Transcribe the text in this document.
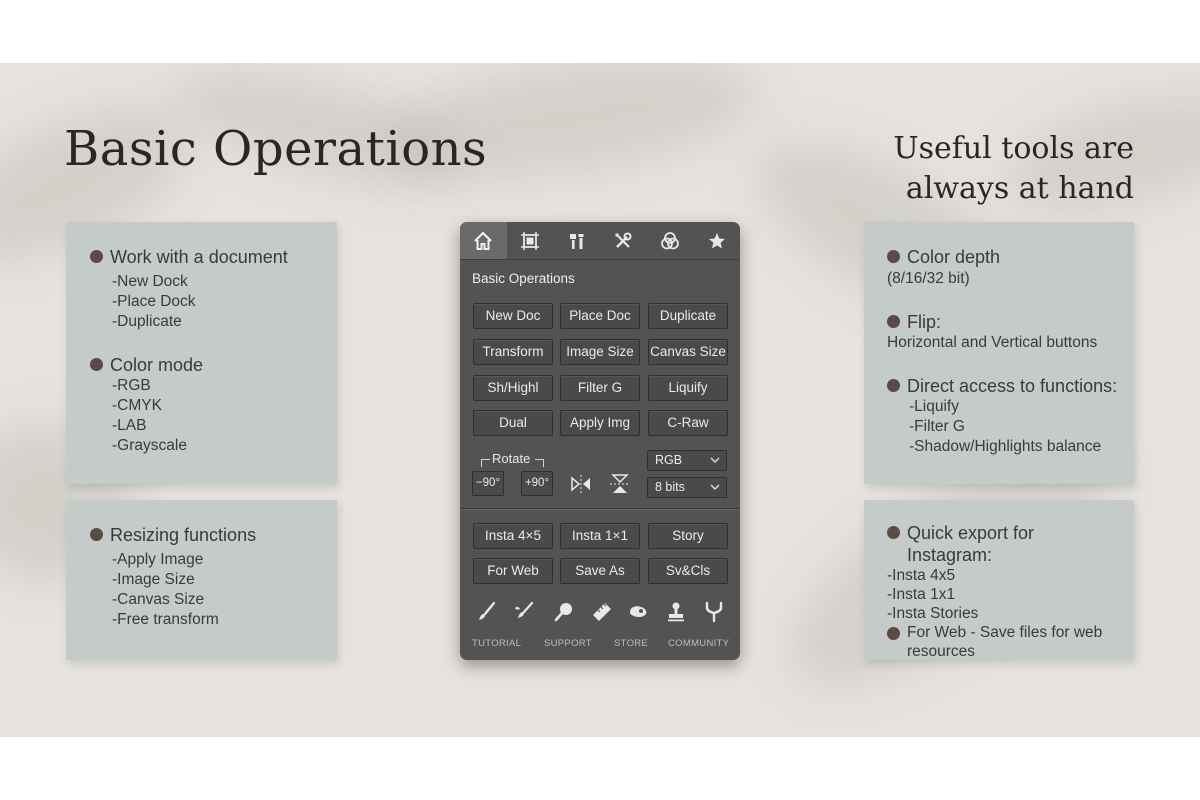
Basic Operations	Useful tools are
always at hand
Work with a document
-New Dock
-Place Dock
-Duplicate
Color mode
-RGB
-CMYK
-LAB
-Grayscale
Resizing functions
-Apply Image
-Image Size
-Canvas Size
-Free transform
Color depth
(8/16/32 bit)
Flip:
Horizontal and Vertical buttons
Direct access to functions:
-Liquify
-Filter G
-Shadow/Highlights balance
Quick export for Instagram:
-Insta 4x5
-Insta 1x1
-Insta Stories
For Web - Save files for web resources
Basic Operations
New Doc	Place Doc	Duplicate
Transform	Image Size	Canvas Size
Sh/Highl	Filter G	Liquify
Dual	Apply Img	C-Raw
Rotate
−90°	+90°
RGB
8 bits
Insta 4×5	Insta 1×1	Story
For Web	Save As	Sv&Cls
TUTORIAL SUPPORT STORE COMMUNITY
